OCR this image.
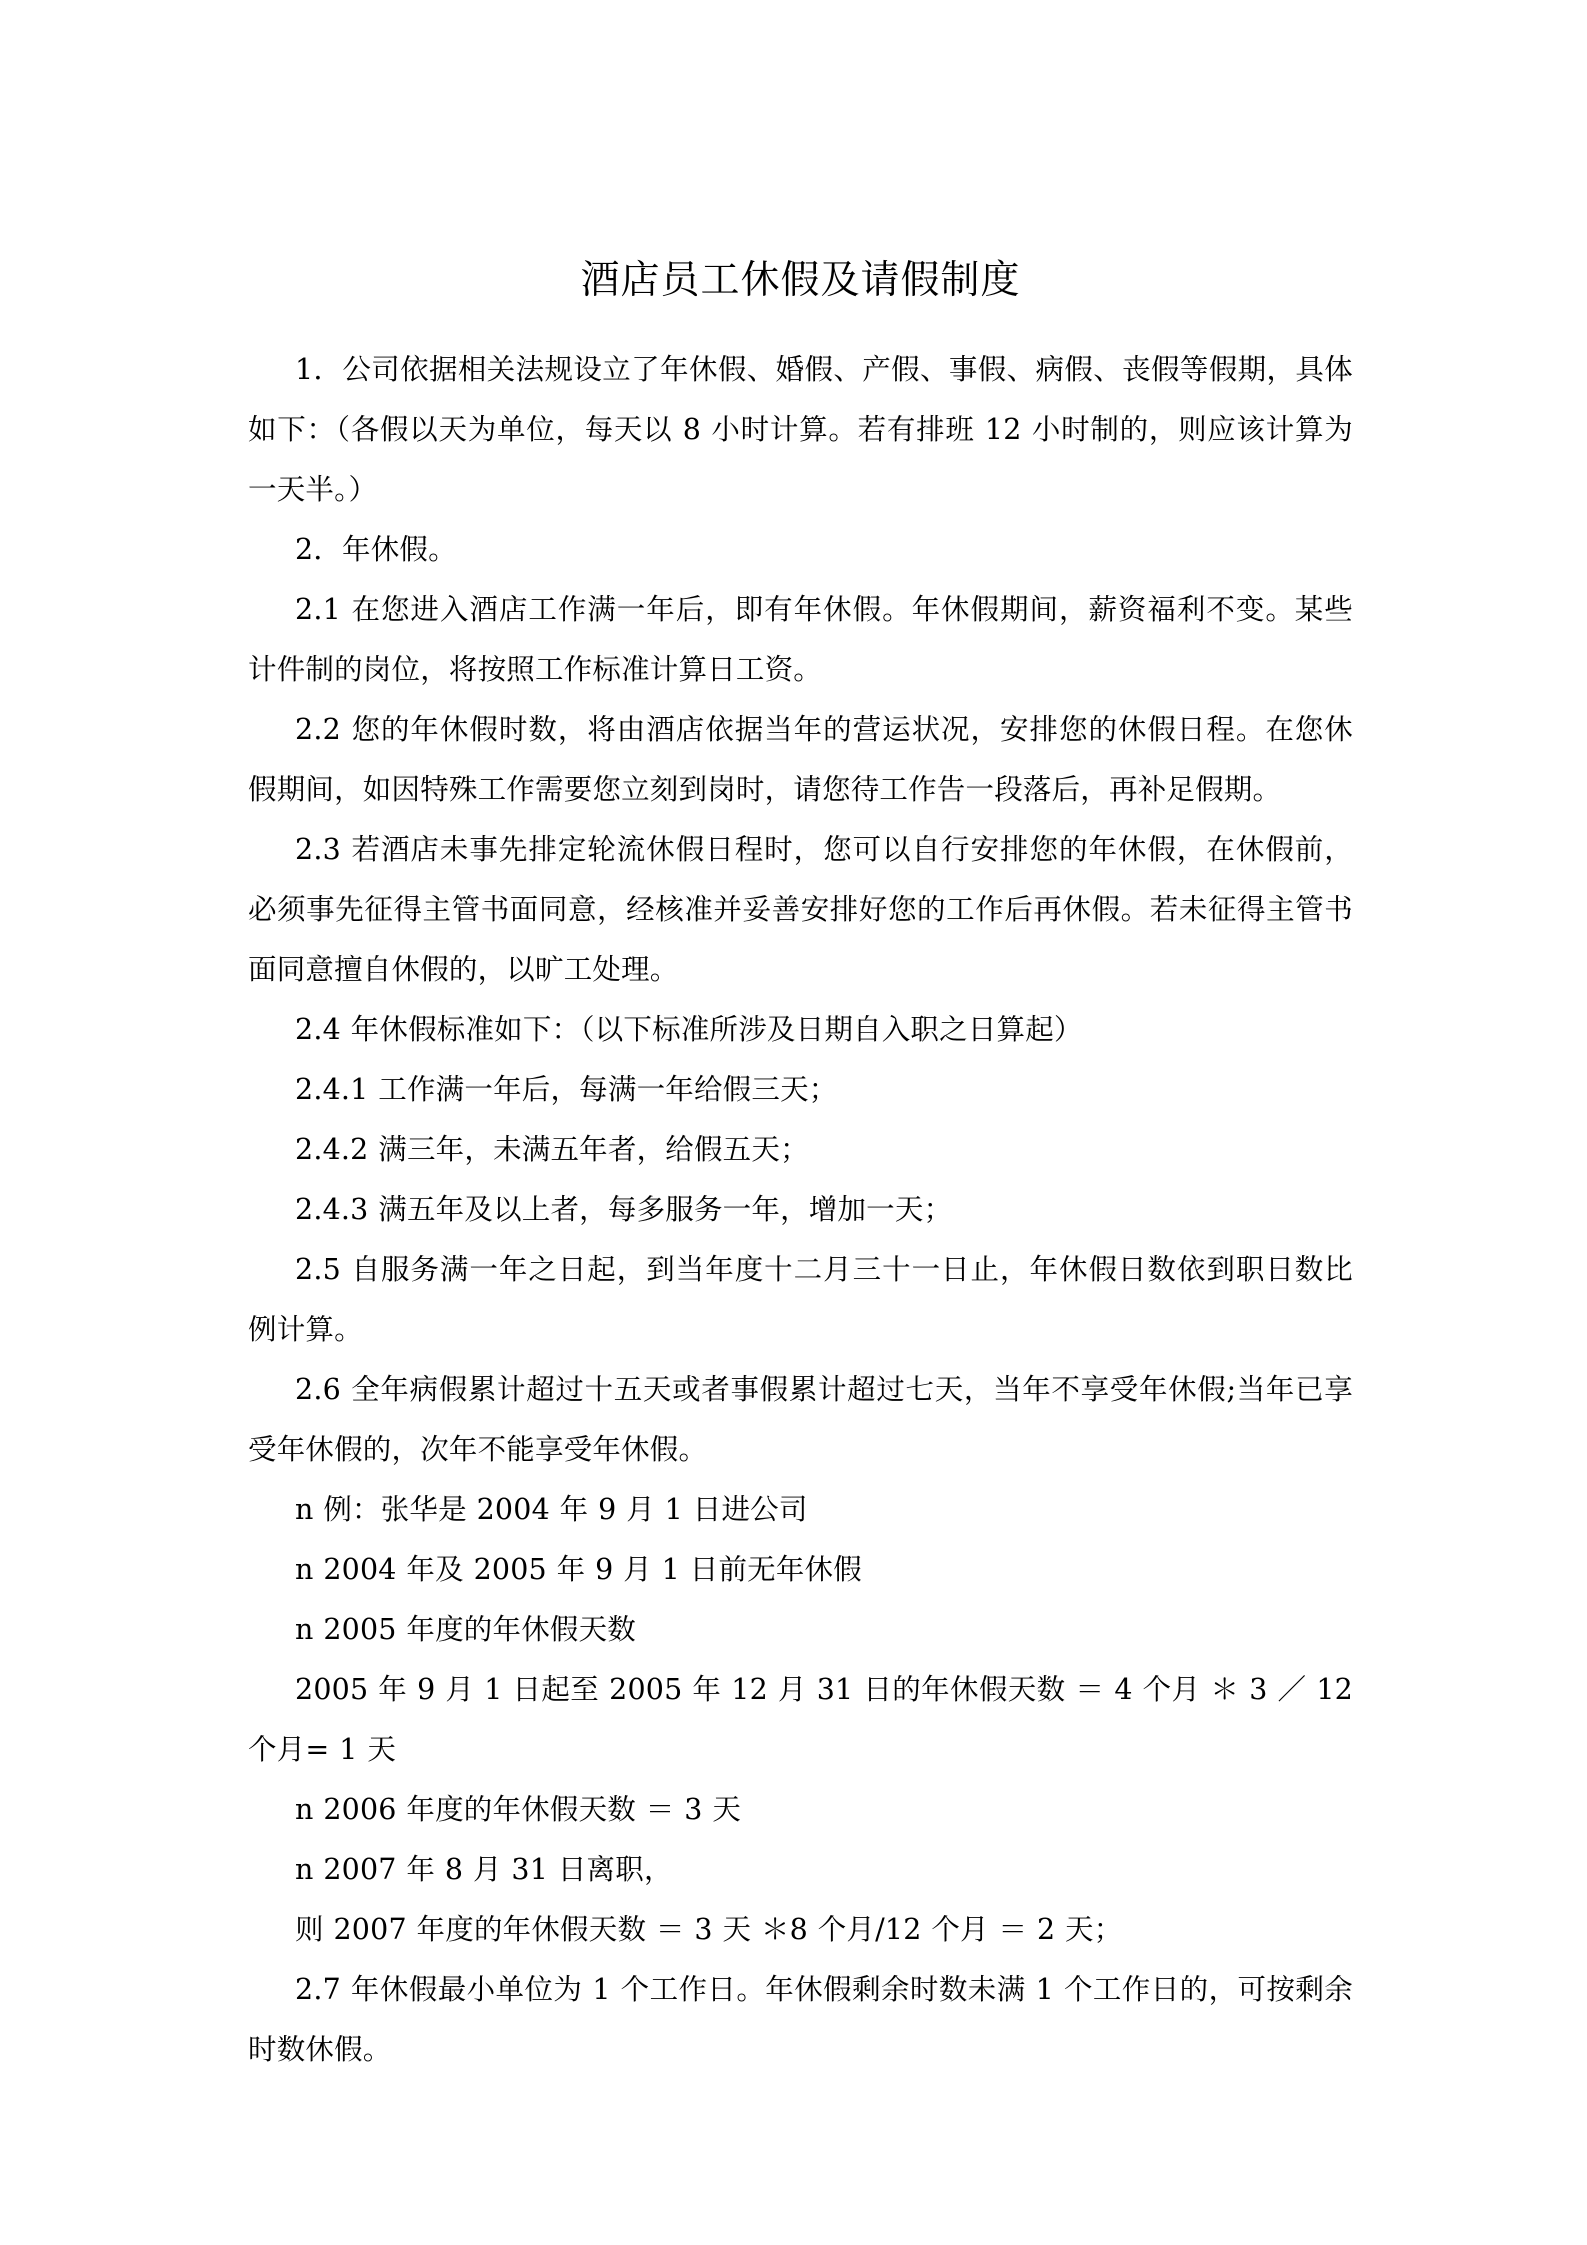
酒店员工休假及请假制度

1．公司依据相关法规设立了年休假、婚假、产假、事假、病假、丧假等假期，具体如下：（各假以天为单位，每天以 8 小时计算。若有排班 12 小时制的，则应该计算为一天半。）

2．年休假。

2.1 在您进入酒店工作满一年后，即有年休假。年休假期间，薪资福利不变。某些计件制的岗位，将按照工作标准计算日工资。

2.2 您的年休假时数，将由酒店依据当年的营运状况，安排您的休假日程。在您休假期间，如因特殊工作需要您立刻到岗时，请您待工作告一段落后，再补足假期。

2.3 若酒店未事先排定轮流休假日程时，您可以自行安排您的年休假，在休假前，必须事先征得主管书面同意，经核准并妥善安排好您的工作后再休假。若未征得主管书面同意擅自休假的，以旷工处理。

2.4 年休假标准如下：（以下标准所涉及日期自入职之日算起）

2.4.1 工作满一年后，每满一年给假三天；

2.4.2 满三年，未满五年者，给假五天；

2.4.3 满五年及以上者，每多服务一年，增加一天；

2.5 自服务满一年之日起，到当年度十二月三十一日止，年休假日数依到职日数比例计算。

2.6 全年病假累计超过十五天或者事假累计超过七天，当年不享受年休假;当年已享受年休假的，次年不能享受年休假。

n 例：张华是 2004 年 9 月 1 日进公司

n 2004 年及 2005 年 9 月 1 日前无年休假

n 2005 年度的年休假天数

2005 年 9 月 1 日起至 2005 年 12 月 31 日的年休假天数 ＝ 4 个月 ＊ 3 ／ 12 个月= 1 天

n 2006 年度的年休假天数 ＝ 3 天

n 2007 年 8 月 31 日离职，

则 2007 年度的年休假天数 ＝ 3 天 ＊8 个月/12 个月 ＝ 2 天；

2.7 年休假最小单位为 1 个工作日。年休假剩余时数未满 1 个工作日的，可按剩余时数休假。
